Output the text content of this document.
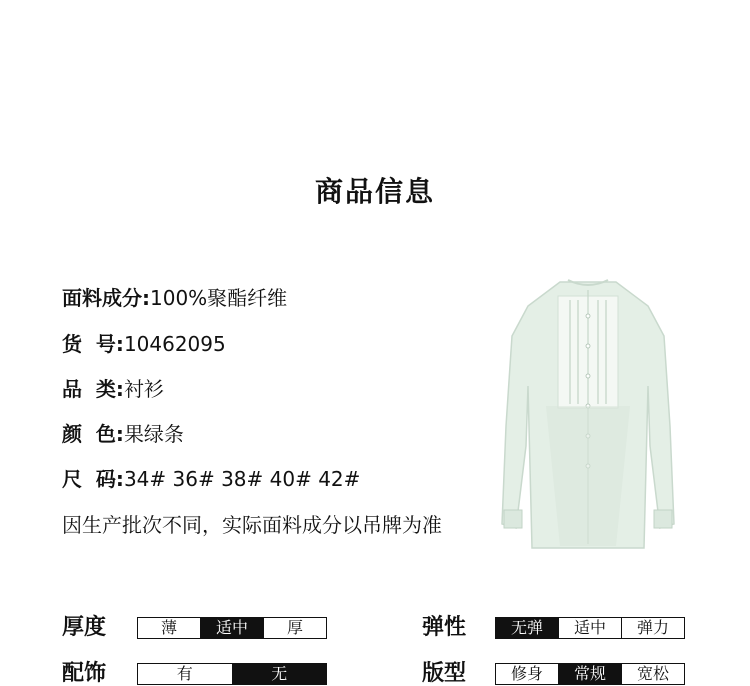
商品信息
面料成分:100%聚酯纤维
货  号:10462095
品  类:衬衫
颜  色:果绿条
尺  码:34# 36# 38# 40# 42#
因生产批次不同，实际面料成分以吊牌为准
厚度	薄	适中	厚	弹性	无弹	适中	弹力
配饰	有	无	版型	修身	常规	宽松
